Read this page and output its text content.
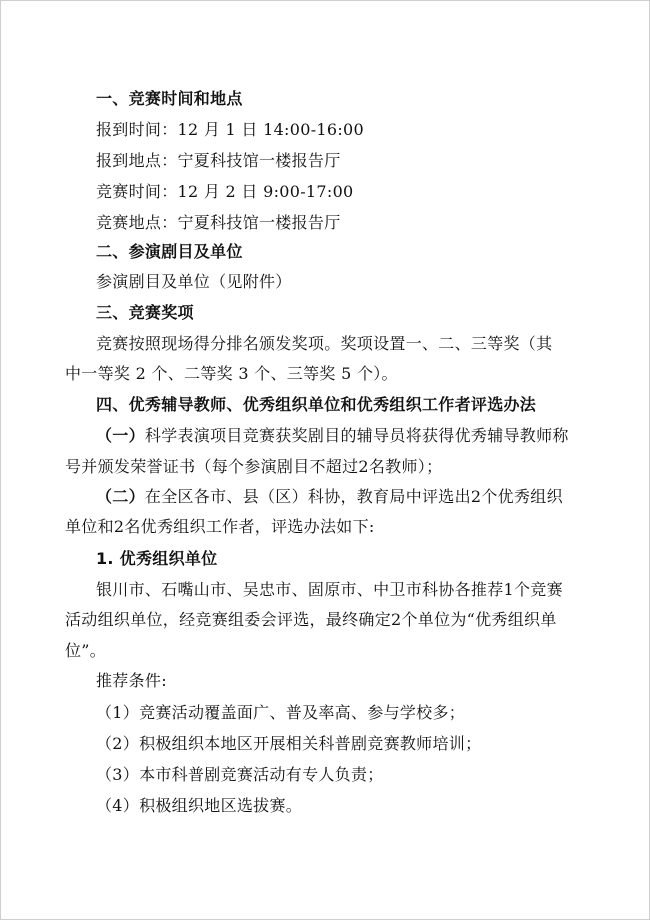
一、竞赛时间和地点
报到时间：12 月 1 日 14:00-16:00
报到地点：宁夏科技馆一楼报告厅
竞赛时间：12 月 2 日 9:00-17:00
竞赛地点：宁夏科技馆一楼报告厅
二、参演剧目及单位
参演剧目及单位（见附件）
三、竞赛奖项
竞赛按照现场得分排名颁发奖项。奖项设置一、二、三等奖（其
中一等奖 2 个、二等奖 3 个、三等奖 5 个）。
四、优秀辅导教师、优秀组织单位和优秀组织工作者评选办法
（一）科学表演项目竞赛获奖剧目的辅导员将获得优秀辅导教师称
号并颁发荣誉证书（每个参演剧目不超过2名教师）；
（二）在全区各市、县（区）科协，教育局中评选出2个优秀组织
单位和2名优秀组织工作者，评选办法如下:
1. 优秀组织单位
银川市、石嘴山市、吴忠市、固原市、中卫市科协各推荐1个竞赛
活动组织单位，经竞赛组委会评选，最终确定2个单位为“优秀组织单
位”。
推荐条件:
（1）竞赛活动覆盖面广、普及率高、参与学校多；
（2）积极组织本地区开展相关科普剧竞赛教师培训；
（3）本市科普剧竞赛活动有专人负责；
（4）积极组织地区选拔赛。
